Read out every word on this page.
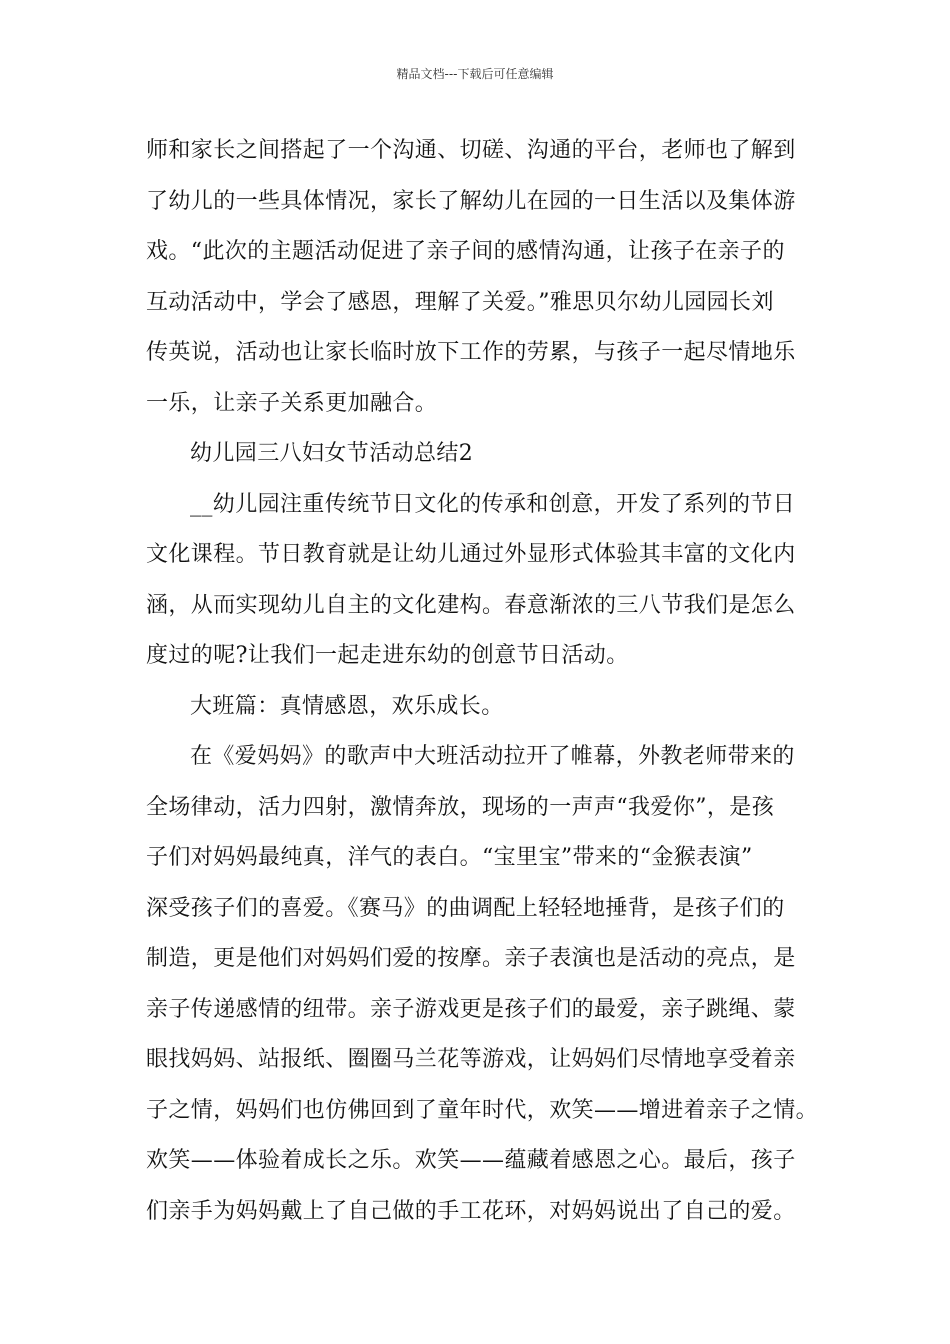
精品文档---下载后可任意编辑
师和家长之间搭起了一个沟通、切磋、沟通的平台，老师也了解到
了幼儿的一些具体情况，家长了解幼儿在园的一日生活以及集体游
戏。“此次的主题活动促进了亲子间的感情沟通，让孩子在亲子的
互动活动中，学会了感恩，理解了关爱。”雅思贝尔幼儿园园长刘
传英说，活动也让家长临时放下工作的劳累，与孩子一起尽情地乐
一乐，让亲子关系更加融合。
幼儿园三八妇女节活动总结2
__幼儿园注重传统节日文化的传承和创意，开发了系列的节日
文化课程。节日教育就是让幼儿通过外显形式体验其丰富的文化内
涵，从而实现幼儿自主的文化建构。春意渐浓的三八节我们是怎么
度过的呢?让我们一起走进东幼的创意节日活动。
大班篇：真情感恩，欢乐成长。
在《爱妈妈》的歌声中大班活动拉开了帷幕，外教老师带来的
全场律动，活力四射，激情奔放，现场的一声声“我爱你”，是孩
子们对妈妈最纯真，洋气的表白。“宝里宝”带来的“金猴表演”
深受孩子们的喜爱。《赛马》的曲调配上轻轻地捶背，是孩子们的
制造，更是他们对妈妈们爱的按摩。亲子表演也是活动的亮点，是
亲子传递感情的纽带。亲子游戏更是孩子们的最爱，亲子跳绳、蒙
眼找妈妈、站报纸、圈圈马兰花等游戏，让妈妈们尽情地享受着亲
子之情，妈妈们也仿佛回到了童年时代，欢笑——增进着亲子之情。
欢笑——体验着成长之乐。欢笑——蕴藏着感恩之心。最后，孩子
们亲手为妈妈戴上了自己做的手工花环，对妈妈说出了自己的爱。
